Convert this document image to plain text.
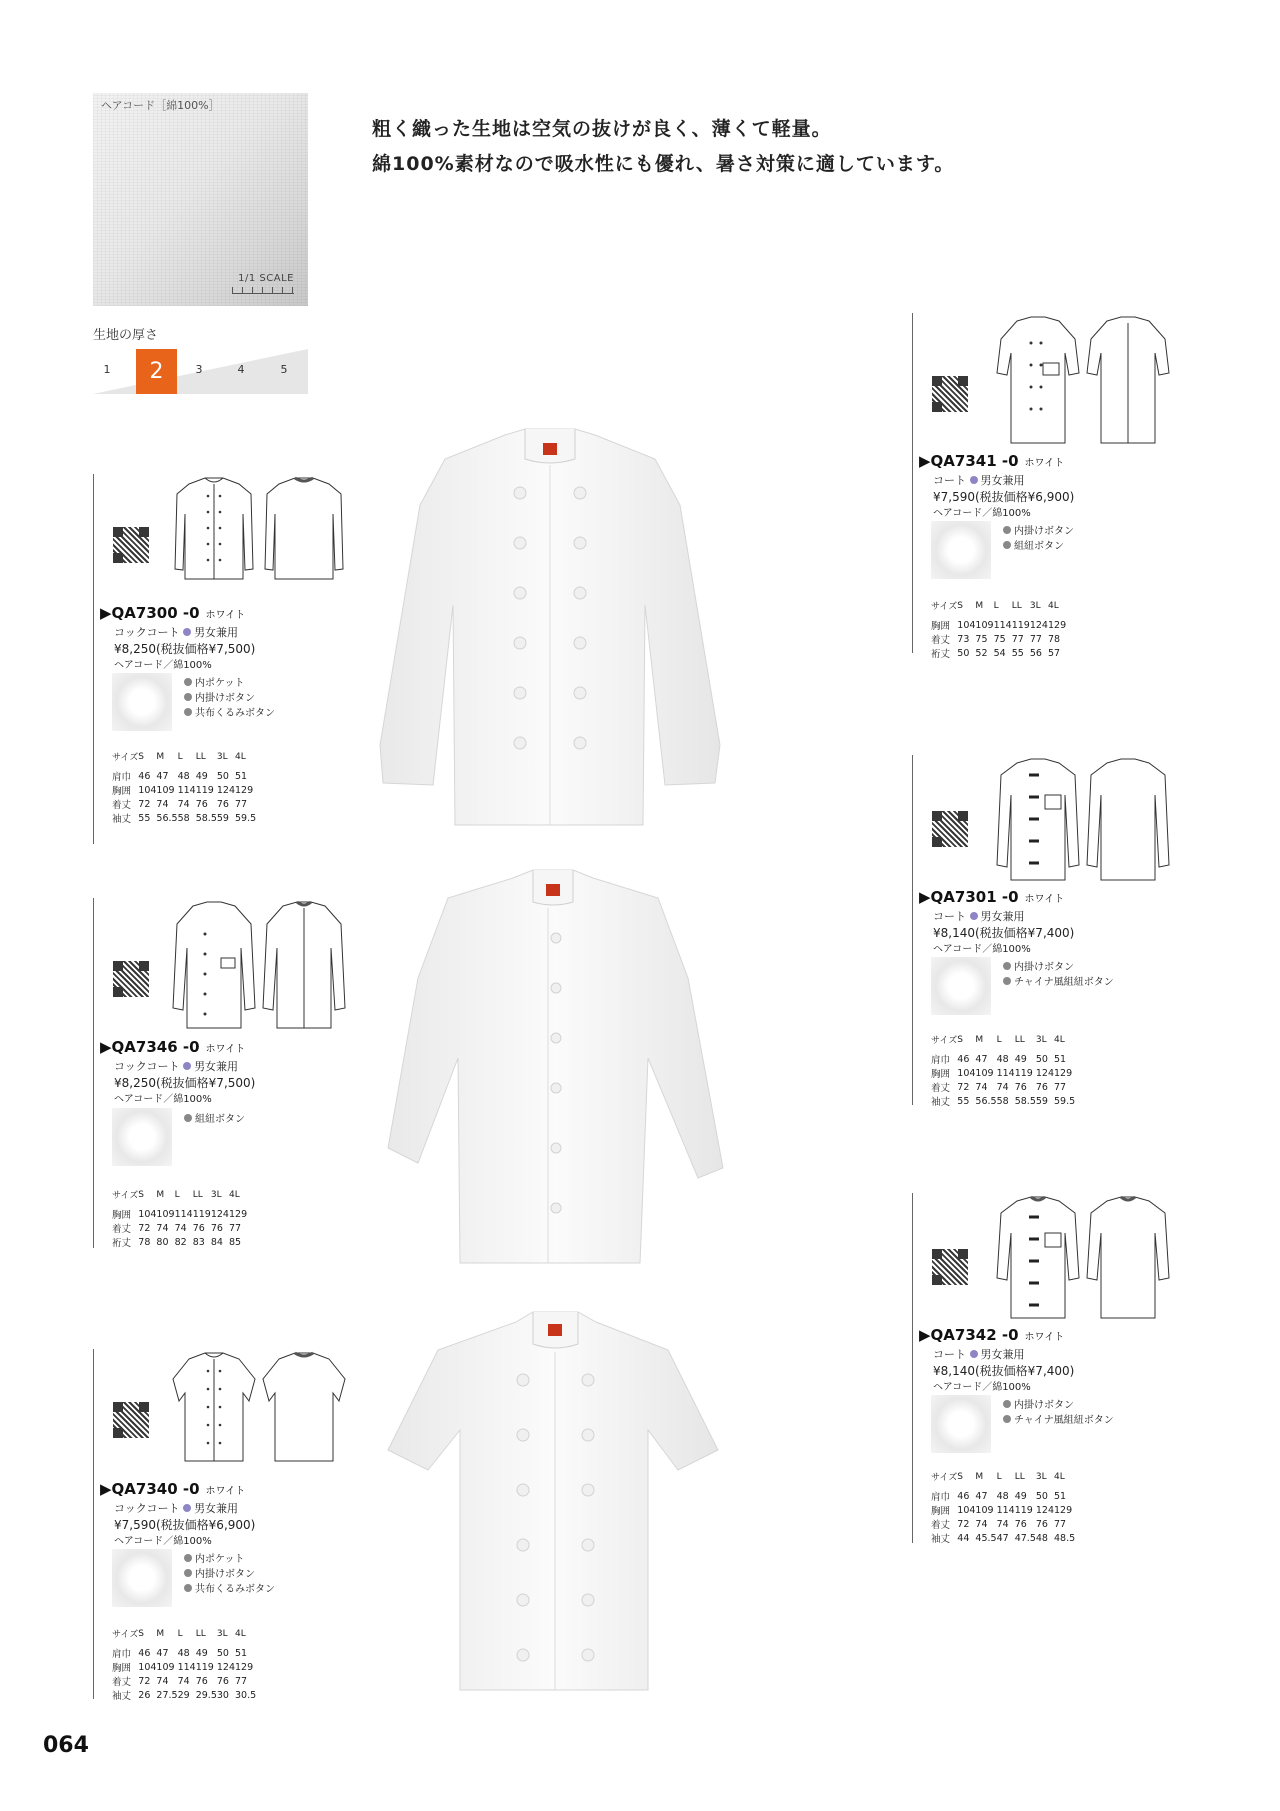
ヘアコード［綿100%］
1/1 SCALE
生地の厚さ
1	2	3	4	5
粗く織った生地は空気の抜けが良く、薄くて軽量。
綿100%素材なので吸水性にも優れ、暑さ対策に適しています。
▶QA7300 -0 ホワイト
コックコート 男女兼用
¥8,250(税抜価格¥7,500)
ヘアコード／綿100%
内ポケット
内掛けボタン
共布くるみボタン
サイズ	S	M	L	LL	3L	4L
肩巾	46	47	48	49	50	51
胸囲	104	109	114	119	124	129
着丈	72	74	74	76	76	77
袖丈	55	56.5	58	58.5	59	59.5
▶QA7346 -0 ホワイト
コックコート 男女兼用
¥8,250(税抜価格¥7,500)
ヘアコード／綿100%
組紐ボタン
サイズ	S	M	L	LL	3L	4L
胸囲	104	109	114	119	124	129
着丈	72	74	74	76	76	77
裄丈	78	80	82	83	84	85
▶QA7340 -0 ホワイト
コックコート 男女兼用
¥7,590(税抜価格¥6,900)
ヘアコード／綿100%
内ポケット
内掛けボタン
共布くるみボタン
サイズ	S	M	L	LL	3L	4L
肩巾	46	47	48	49	50	51
胸囲	104	109	114	119	124	129
着丈	72	74	74	76	76	77
袖丈	26	27.5	29	29.5	30	30.5
▶QA7341 -0 ホワイト
コート 男女兼用
¥7,590(税抜価格¥6,900)
ヘアコード／綿100%
内掛けボタン
組紐ボタン
サイズ	S	M	L	LL	3L	4L
胸囲	104	109	114	119	124	129
着丈	73	75	75	77	77	78
裄丈	50	52	54	55	56	57
▶QA7301 -0 ホワイト
コート 男女兼用
¥8,140(税抜価格¥7,400)
ヘアコード／綿100%
内掛けボタン
チャイナ風組紐ボタン
サイズ	S	M	L	LL	3L	4L
肩巾	46	47	48	49	50	51
胸囲	104	109	114	119	124	129
着丈	72	74	74	76	76	77
袖丈	55	56.5	58	58.5	59	59.5
▶QA7342 -0 ホワイト
コート 男女兼用
¥8,140(税抜価格¥7,400)
ヘアコード／綿100%
内掛けボタン
チャイナ風組紐ボタン
サイズ	S	M	L	LL	3L	4L
肩巾	46	47	48	49	50	51
胸囲	104	109	114	119	124	129
着丈	72	74	74	76	76	77
袖丈	44	45.5	47	47.5	48	48.5
064
